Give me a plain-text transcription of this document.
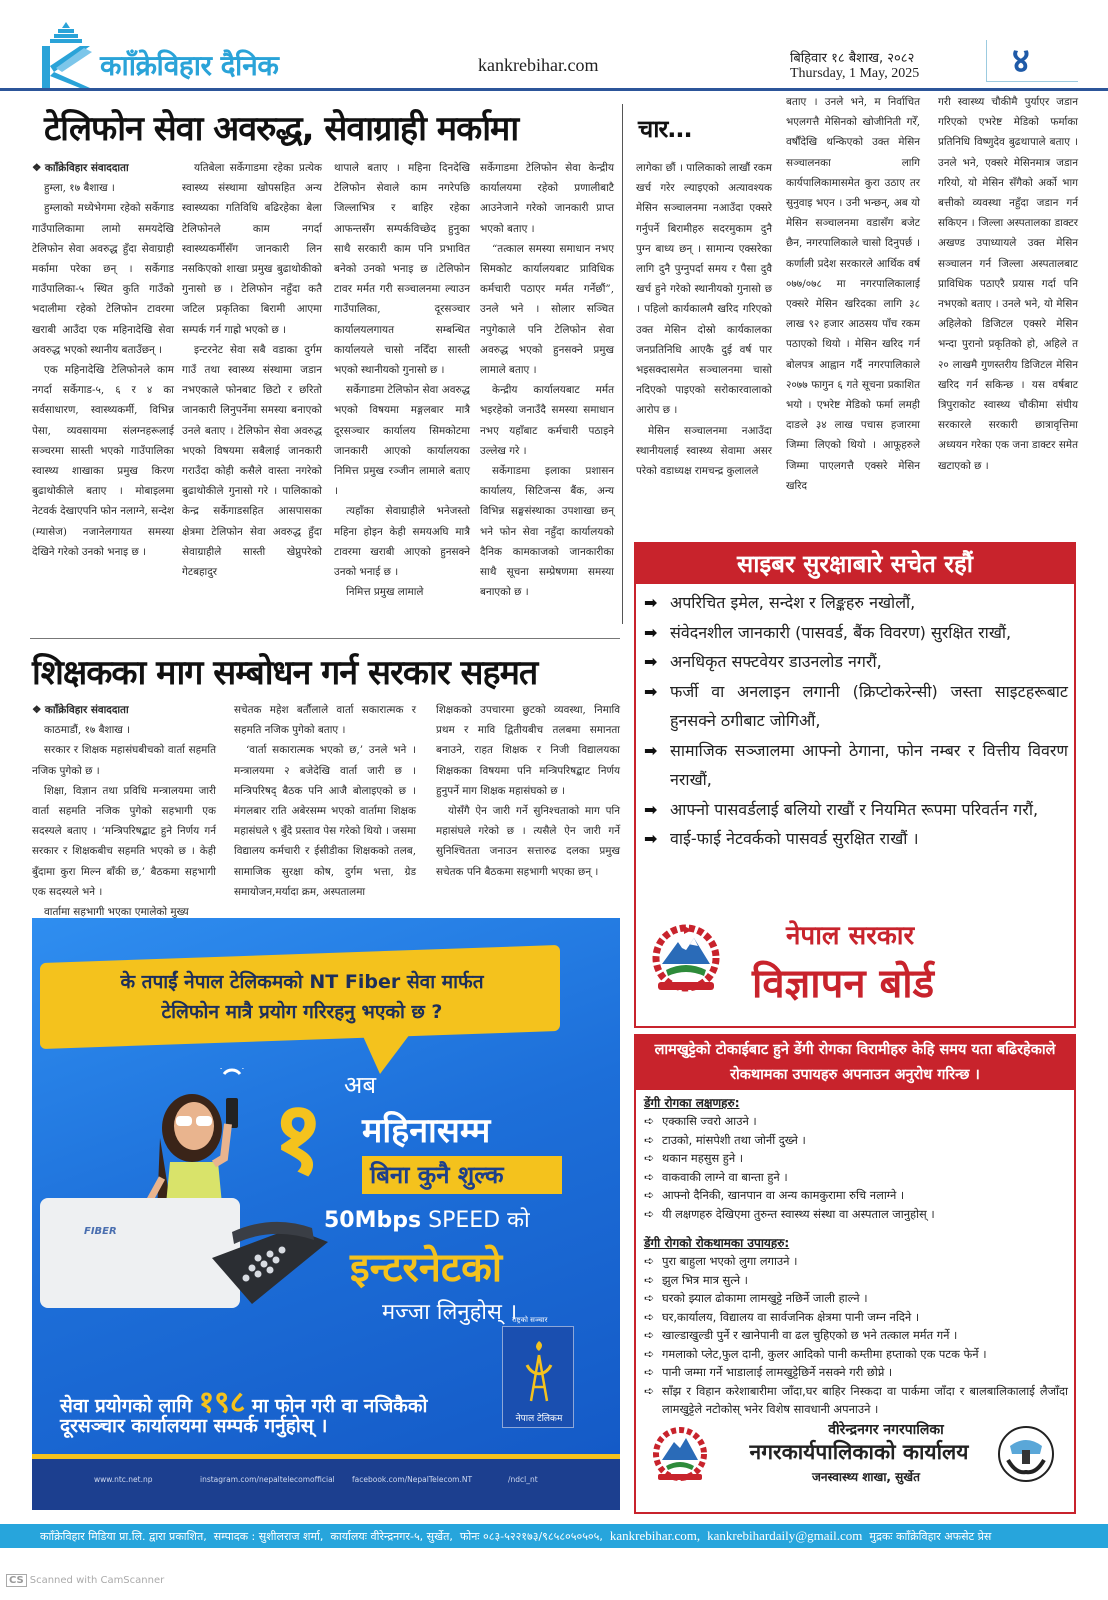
कााँक्रेविहार दैनिक	kankrebihar.com	बिहिवार १८ बैशाख, २०८२
Thursday, 1 May, 2025	४
टेलिफोन सेवा अवरुद्ध, सेवाग्राही मर्कामा

❖ कााँक्रेविहार संवाददाता

हुम्ला, १७ बैशाख ।

हुम्लाको मध्येभेगमा रहेको सर्केगाड गाउँपालिकामा लामो समयदेखि टेलिफोन सेवा अवरुद्ध हुँदा सेवाग्राही मर्कामा परेका छन् । सर्केगाड गाउँपालिका-५ स्थित कुति गाउँको भदालीमा रहेको टेलिफोन टावरमा खराबी आउँदा एक महिनादेखि सेवा अवरुद्ध भएको स्थानीय बताउँछन् ।

एक महिनादेखि टेलिफोनले काम नगर्दा सर्केगाड-५, ६ र ४ का सर्वसाधारण, स्वास्थ्यकर्मी, विभिन्न पेसा, व्यवसायमा संलग्नहरूलाई सञ्चरमा सास्ती भएको गाउँपालिका स्वास्थ्य शाखाका प्रमुख किरण बुढाथोकीले बताए । मोबाइलमा नेटवर्क देखाएपनि फोन नलाग्ने, सन्देश (म्यासेज) नजानेलगायत समस्या देखिने गरेको उनको भनाइ छ ।

यतिबेला सर्केगाडमा रहेका प्रत्येक स्वास्थ्य संस्थामा खोपसहित अन्य स्वास्थ्यका गतिविधि बढिरहेका बेला टेलिफोनले काम नगर्दा स्वास्थ्यकर्मीसँग जानकारी लिन नसकिएको शाखा प्रमुख बुढाथोकीको गुनासो छ । टेलिफोन नहुँदा कतै जटिल प्रकृतिका बिरामी आएमा सम्पर्क गर्न गाह्रो भएको छ ।

इन्टरनेट सेवा सबै वडाका दुर्गम गाउँ तथा स्वास्थ्य संस्थामा जडान नभएकाले फोनबाट छिटो र छरितो जानकारी लिनुपर्नेमा समस्या बनाएको उनले बताए । टेलिफोन सेवा अवरुद्ध भएको विषयमा सबैलाई जानकारी गराउँदा कोही कसैले वास्ता नगरेको बुढाथोकीले गुनासो गरे । पालिकाको केन्द्र सर्केगाडसहित आसपासका क्षेत्रमा टेलिफोन सेवा अवरुद्ध हुँदा सेवाग्राहीले सास्ती खेप्नुपरेको गेटबहादुर

थापाले बताए । महिना दिनदेखि टेलिफोन सेवाले काम नगरेपछि जिल्लाभित्र र बाहिर रहेका आफन्तसँग सम्पर्कविच्छेद हुनुका साथै सरकारी काम पनि प्रभावित बनेको उनको भनाइ छ ।टेलिफोन टावर मर्मत गरी सञ्चालनमा ल्याउन गाउँपालिका, दूरसञ्चार कार्यालयलगायत सम्बन्धित कार्यालयले चासो नदिँदा सास्ती भएको स्थानीयको गुनासो छ ।

सर्केगाडमा टेलिफोन सेवा अवरुद्ध भएको विषयमा मङ्गलबार मात्रै दूरसञ्चार कार्यालय सिमकोटमा जानकारी आएको कार्यालयका निमित्त प्रमुख रञ्जीन लामाले बताए ।

त्यहाँका सेवाग्राहीले भनेजस्तो महिना होइन केही समयअघि मात्रै टावरमा खराबी आएको हुनसक्ने उनको भनाई छ ।

निमित्त प्रमुख लामाले

सर्केगाडमा टेलिफोन सेवा केन्द्रीय कार्यालयमा रहेको प्रणालीबाटै आउनेजाने गरेको जानकारी प्राप्त भएको बताए ।

“तत्काल समस्या समाधान नभए सिमकोट कार्यालयबाट प्राविधिक कर्मचारी पठाएर मर्मत गर्नेछौं”, उनले भने । सोलार सञ्चित नपुगेकाले पनि टेलिफोन सेवा अवरुद्ध भएको हुनसक्ने प्रमुख लामाले बताए ।

केन्द्रीय कार्यालयबाट मर्मत भइरहेको जनाउँदै समस्या समाधान नभए यहाँबाट कर्मचारी पठाइने उल्लेख गरे ।

सर्केगाडमा इलाका प्रशासन कार्यालय, सिटिजन्स बैंक, अन्य विभिन्न सङ्घसंस्थाका उपशाखा छन् भने फोन सेवा नहुँदा कार्यालयको दैनिक कामकाजको जानकारीका साथै सूचना सम्प्रेषणमा समस्या बनाएको छ ।

चार...

लागेका छौं । पालिकाको लाखौं रकम खर्च गरेर ल्याइएको अत्यावश्यक मेसिन सञ्चालनमा नआउँदा एक्सरे गर्नुपर्ने बिरामीहरु सदरमुकाम दुनै पुग्न बाध्य छन् । सामान्य एक्सरेका लागि दुनै पुग्नुपर्दा समय र पैसा दुवै खर्च हुने गरेको स्थानीयको गुनासो छ । पहिलो कार्यकालमै खरिद गरिएको उक्त मेसिन दोस्रो कार्यकालका जनप्रतिनिधि आएकै दुई वर्ष पार भइसक्दासमेत सञ्चालनमा चासो नदिएको पाइएको सरोकारवालाको आरोप छ ।

मेसिन सञ्चालनमा नआउँदा स्थानीयलाई स्वास्थ्य सेवामा असर परेको वडाध्यक्ष रामचन्द्र कुलालले

बताए । उनले भने, म निर्वाचित भएलगत्तै मेसिनको खोजीनिती गरेँ, वर्षौंदेखि थन्किएको उक्त मेसिन सञ्चालनका लागि कार्यपालिकामासमेत कुरा उठाए तर सुनुवाइ भएन । उनी भन्छन्, अब यो मेसिन सञ्चालनमा वडासँग बजेट छैन, नगरपालिकाले चासो दिनुपर्छ । कर्णाली प्रदेश सरकारले आर्थिक वर्ष ०७७/०७८ मा नगरपालिकालाई एक्सरे मेसिन खरिदका लागि ३८ लाख ९२ हजार आठसय पाँच रकम पठाएको थियो । मेसिन खरिद गर्न बोलपत्र आह्वान गर्दै नगरपालिकाले २०७७ फागुन ६ गते सूचना प्रकाशित भयो । एभरेष्ट मेडिको फर्मा लमही दाङले ३४ लाख पचास हजारमा जिम्मा लिएको थियो । आफूहरुले जिम्मा पाएलगत्तै एक्सरे मेसिन खरिद

गरी स्वास्थ्य चौकीमै पुर्याएर जडान गरिएको एभरेष्ट मेडिको फर्माका प्रतिनिधि विष्णुदेव बुढथापाले बताए । उनले भने, एक्सरे मेसिनमात्र जडान गरियो, यो मेसिन सँगैको अर्को भाग बत्तीको व्यवस्था नहुँदा जडान गर्न सकिएन । जिल्ला अस्पतालका डाक्टर अखण्ड उपाध्यायले उक्त मेसिन सञ्चालन गर्न जिल्ला अस्पतालबाट प्राविधिक पठाएरै प्रयास गर्दा पनि नभएको बताए । उनले भने, यो मेसिन अहिलेको डिजिटल एक्सरे मेसिन भन्दा पुरानो प्रकृतिको हो, अहिले त २० लाखमै गुणस्तरीय डिजिटल मेसिन खरिद गर्न सकिन्छ । यस वर्षबाट त्रिपुराकोट स्वास्थ्य चौकीमा संघीय सरकारले सरकारी छात्रावृत्तिमा अध्ययन गरेका एक जना डाक्टर समेत खटाएको छ ।

शिक्षकका माग सम्बोधन गर्न सरकार सहमत

❖ कााँक्रेविहार संवाददाता

काठमाडौं, १७ बैशाख ।

सरकार र शिक्षक महासंघबीचको वार्ता सहमति नजिक पुगेको छ ।

शिक्षा, विज्ञान तथा प्रविधि मन्त्रालयमा जारी वार्ता सहमति नजिक पुगेको सहभागी एक सदस्यले बताए । ‘मन्त्रिपरिषद्बाट हुने निर्णय गर्न सरकार र शिक्षकबीच सहमति भएको छ । केही बुँदामा कुरा मिल्न बाँकी छ,’ बैठकमा सहभागी एक सदस्यले भने ।

वार्तामा सहभागी भएका एमालेको मुख्य

सचेतक महेश बर्तौलाले वार्ता सकारात्मक र सहमति नजिक पुगेको बताए ।

‘वार्ता सकारात्मक भएको छ,’ उनले भने । मन्त्रालयमा २ बजेदेखि वार्ता जारी छ । मन्त्रिपरिषद् बैठक पनि आजै बोलाइएको छ । मंगलबार राति अबेरसम्म भएको वार्तामा शिक्षक महासंघले ९ बुँदे प्रस्ताव पेस गरेको थियो । जसमा विद्यालय कर्मचारी र ईसीडीका शिक्षकको तलब, सामाजिक सुरक्षा कोष, दुर्गम भत्ता, ग्रेड समायोजन,मर्यादा क्रम, अस्पतालमा

शिक्षकको उपचारमा छुटको व्यवस्था, निमावि प्रथम र मावि द्वितीयबीच तलबमा समानता बनाउने, राहत शिक्षक र निजी विद्यालयका शिक्षकका विषयमा पनि मन्त्रिपरिषद्बाट निर्णय हुनुपर्ने माग शिक्षक महासंघको छ ।

योसँगै ऐन जारी गर्ने सुनिश्चताको माग पनि महासंघले गरेको छ । त्यसैले ऐन जारी गर्ने सुनिश्चितता जनाउन सत्तारुढ दलका प्रमुख सचेतक पनि बैठकमा सहभागी भएका छन् ।

के तपाईं नेपाल टेलिकमको NT Fiber सेवा मार्फत
टेलिफोन मात्रै प्रयोग गरिरहनु भएको छ ?
FIBER
अब
१ महिनासम्म
बिना कुनै शुल्क
50Mbps SPEED को
इन्टरनेटको
मज्जा लिनुहोस् ।
सेवा प्रयोगको लागि १९८ मा फोन गरी वा नजिकैको
दूरसञ्चार कार्यालयमा सम्पर्क गर्नुहोस् ।
राष्ट्रको सञ्चार
नेपाल टेलिकम
www.ntc.net.np	instagram.com/nepaltelecomofficial facebook.com/NepalTelecom.NT	/ndcl_nt
साइबर सुरक्षाबारे सचेत रहौं
➡ अपरिचित इमेल, सन्देश र लिङ्कहरु नखोलौं,
➡ संवेदनशील जानकारी (पासवर्ड, बैंक विवरण) सुरक्षित राखौं,
➡ अनधिकृत सफ्टवेयर डाउनलोड नगरौं,
➡ फर्जी वा अनलाइन लगानी (क्रिप्टोकरेन्सी) जस्ता साइटहरूबाट हुनसक्ने ठगीबाट जोगिऔं,
➡ सामाजिक सञ्जालमा आफ्नो ठेगाना, फोन नम्बर र वित्तीय विवरण नराखौं,
➡ आफ्नो पासवर्डलाई बलियो राखौं र नियमित रूपमा परिवर्तन गरौं,
➡ वाई-फाई नेटवर्कको पासवर्ड सुरक्षित राखौं ।
नेपाल सरकार
विज्ञापन बोर्ड
लामखुट्टेको टोकाईबाट हुने डेंगी रोगका विरामीहरु केहि समय यता बढिरहेकाले रोकथामका उपायहरु अपनाउन अनुरोध गरिन्छ ।
डेंगी रोगका लक्षणहरु:
➪ एक्कासि ज्वरो आउने ।
➪ टाउको, मांसपेशी तथा जोर्नी दुख्ने ।
➪ थकान महसुस हुने ।
➪ वाकवाकी लाग्ने वा बान्ता हुने ।
➪ आफ्नो दैनिकी, खानपान वा अन्य कामकुरामा रुचि नलाग्ने ।
➪ यी लक्षणहरु देखिएमा तुरुन्त स्वास्थ्य संस्था वा अस्पताल जानुहोस् ।
डेंगी रोगको रोकथामका उपायहरु:
➪ पुरा बाहुला भएको लुगा लगाउने ।
➪ झुल भित्र मात्र सुत्ने ।
➪ घरको झ्याल ढोकामा लामखुट्टे नछिर्ने जाली हाल्ने ।
➪ घर,कार्यालय, विद्यालय वा सार्वजनिक क्षेत्रमा पानी जम्न नदिने ।
➪ खाल्डाखुल्डी पुर्ने र खानेपानी वा ढल चुहिएको छ भने तत्काल मर्मत गर्ने ।
➪ गमलाको प्लेट,फुल दानी, कुलर आदिको पानी कम्तीमा हप्ताको एक पटक फेर्ने ।
➪ पानी जम्मा गर्ने भाडालाई लामखुट्टेछिर्ने नसक्ने गरी छोप्ने ।
➪ साँझ र विहान करेशाबारीमा जाँदा,घर बाहिर निस्कदा वा पार्कमा जाँदा र बालबालिकालाई लैजाँदा लामखुट्टेले नटोकोस् भनेर विशेष सावधानी अपनाउने ।
वीरेन्द्रनगर नगरपालिका
नगरकार्यपालिकाको कार्यालय
जनस्वास्थ्य शाखा, सुर्खेत
कााँक्रेविहार मिडिया प्रा.लि. द्वारा प्रकाशित, सम्पादक : सुशीलराज शर्मा, कार्यालयः वीरेन्द्रनगर-५, सुर्खेत, फोनः ०८३-५२२१७३/९८५८०५०५०५, kankrebihar.com, kankrebihardaily@gmail.com मुद्रकः कााँक्रेविहार अफसेट प्रेस
CS Scanned with CamScanner
